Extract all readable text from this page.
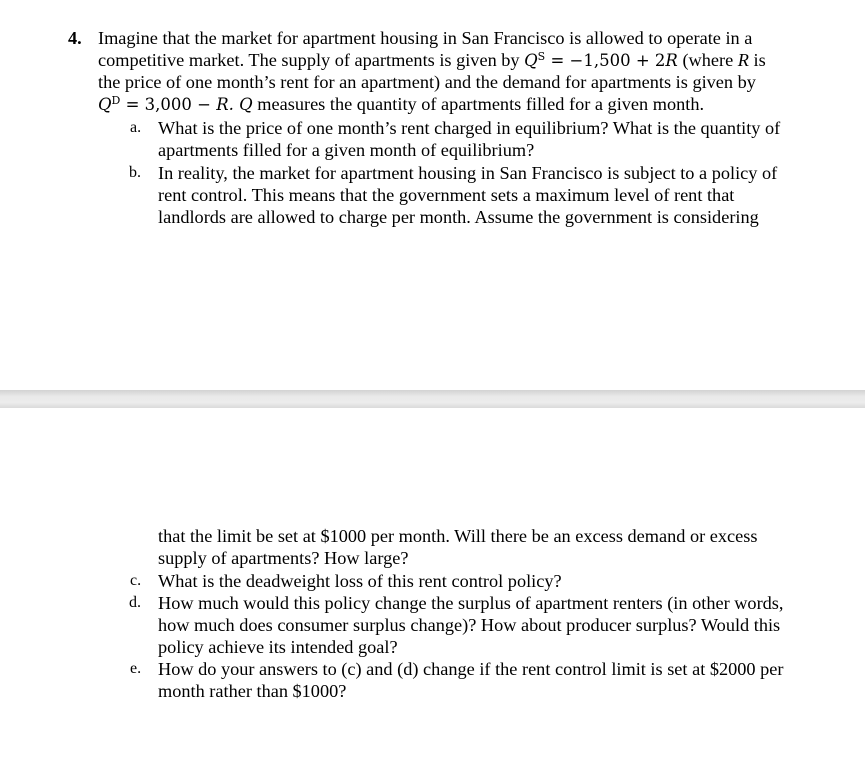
4. Imagine that the market for apartment housing in San Francisco is allowed to operate in a
competitive market. The supply of apartments is given by $Q^S = -1,500 + 2R$ (where R is
the price of one month’s rent for an apartment) and the demand for apartments is given by
$Q^D = 3,000 - R$. Q measures the quantity of apartments filled for a given month.
a. What is the price of one month’s rent charged in equilibrium? What is the quantity of
apartments filled for a given month of equilibrium?
b. In reality, the market for apartment housing in San Francisco is subject to a policy of
rent control. This means that the government sets a maximum level of rent that
landlords are allowed to charge per month. Assume the government is considering
that the limit be set at $1000 per month. Will there be an excess demand or excess
supply of apartments? How large?
c. What is the deadweight loss of this rent control policy?
d. How much would this policy change the surplus of apartment renters (in other words,
how much does consumer surplus change)? How about producer surplus? Would this
policy achieve its intended goal?
e. How do your answers to (c) and (d) change if the rent control limit is set at $2000 per
month rather than $1000?
